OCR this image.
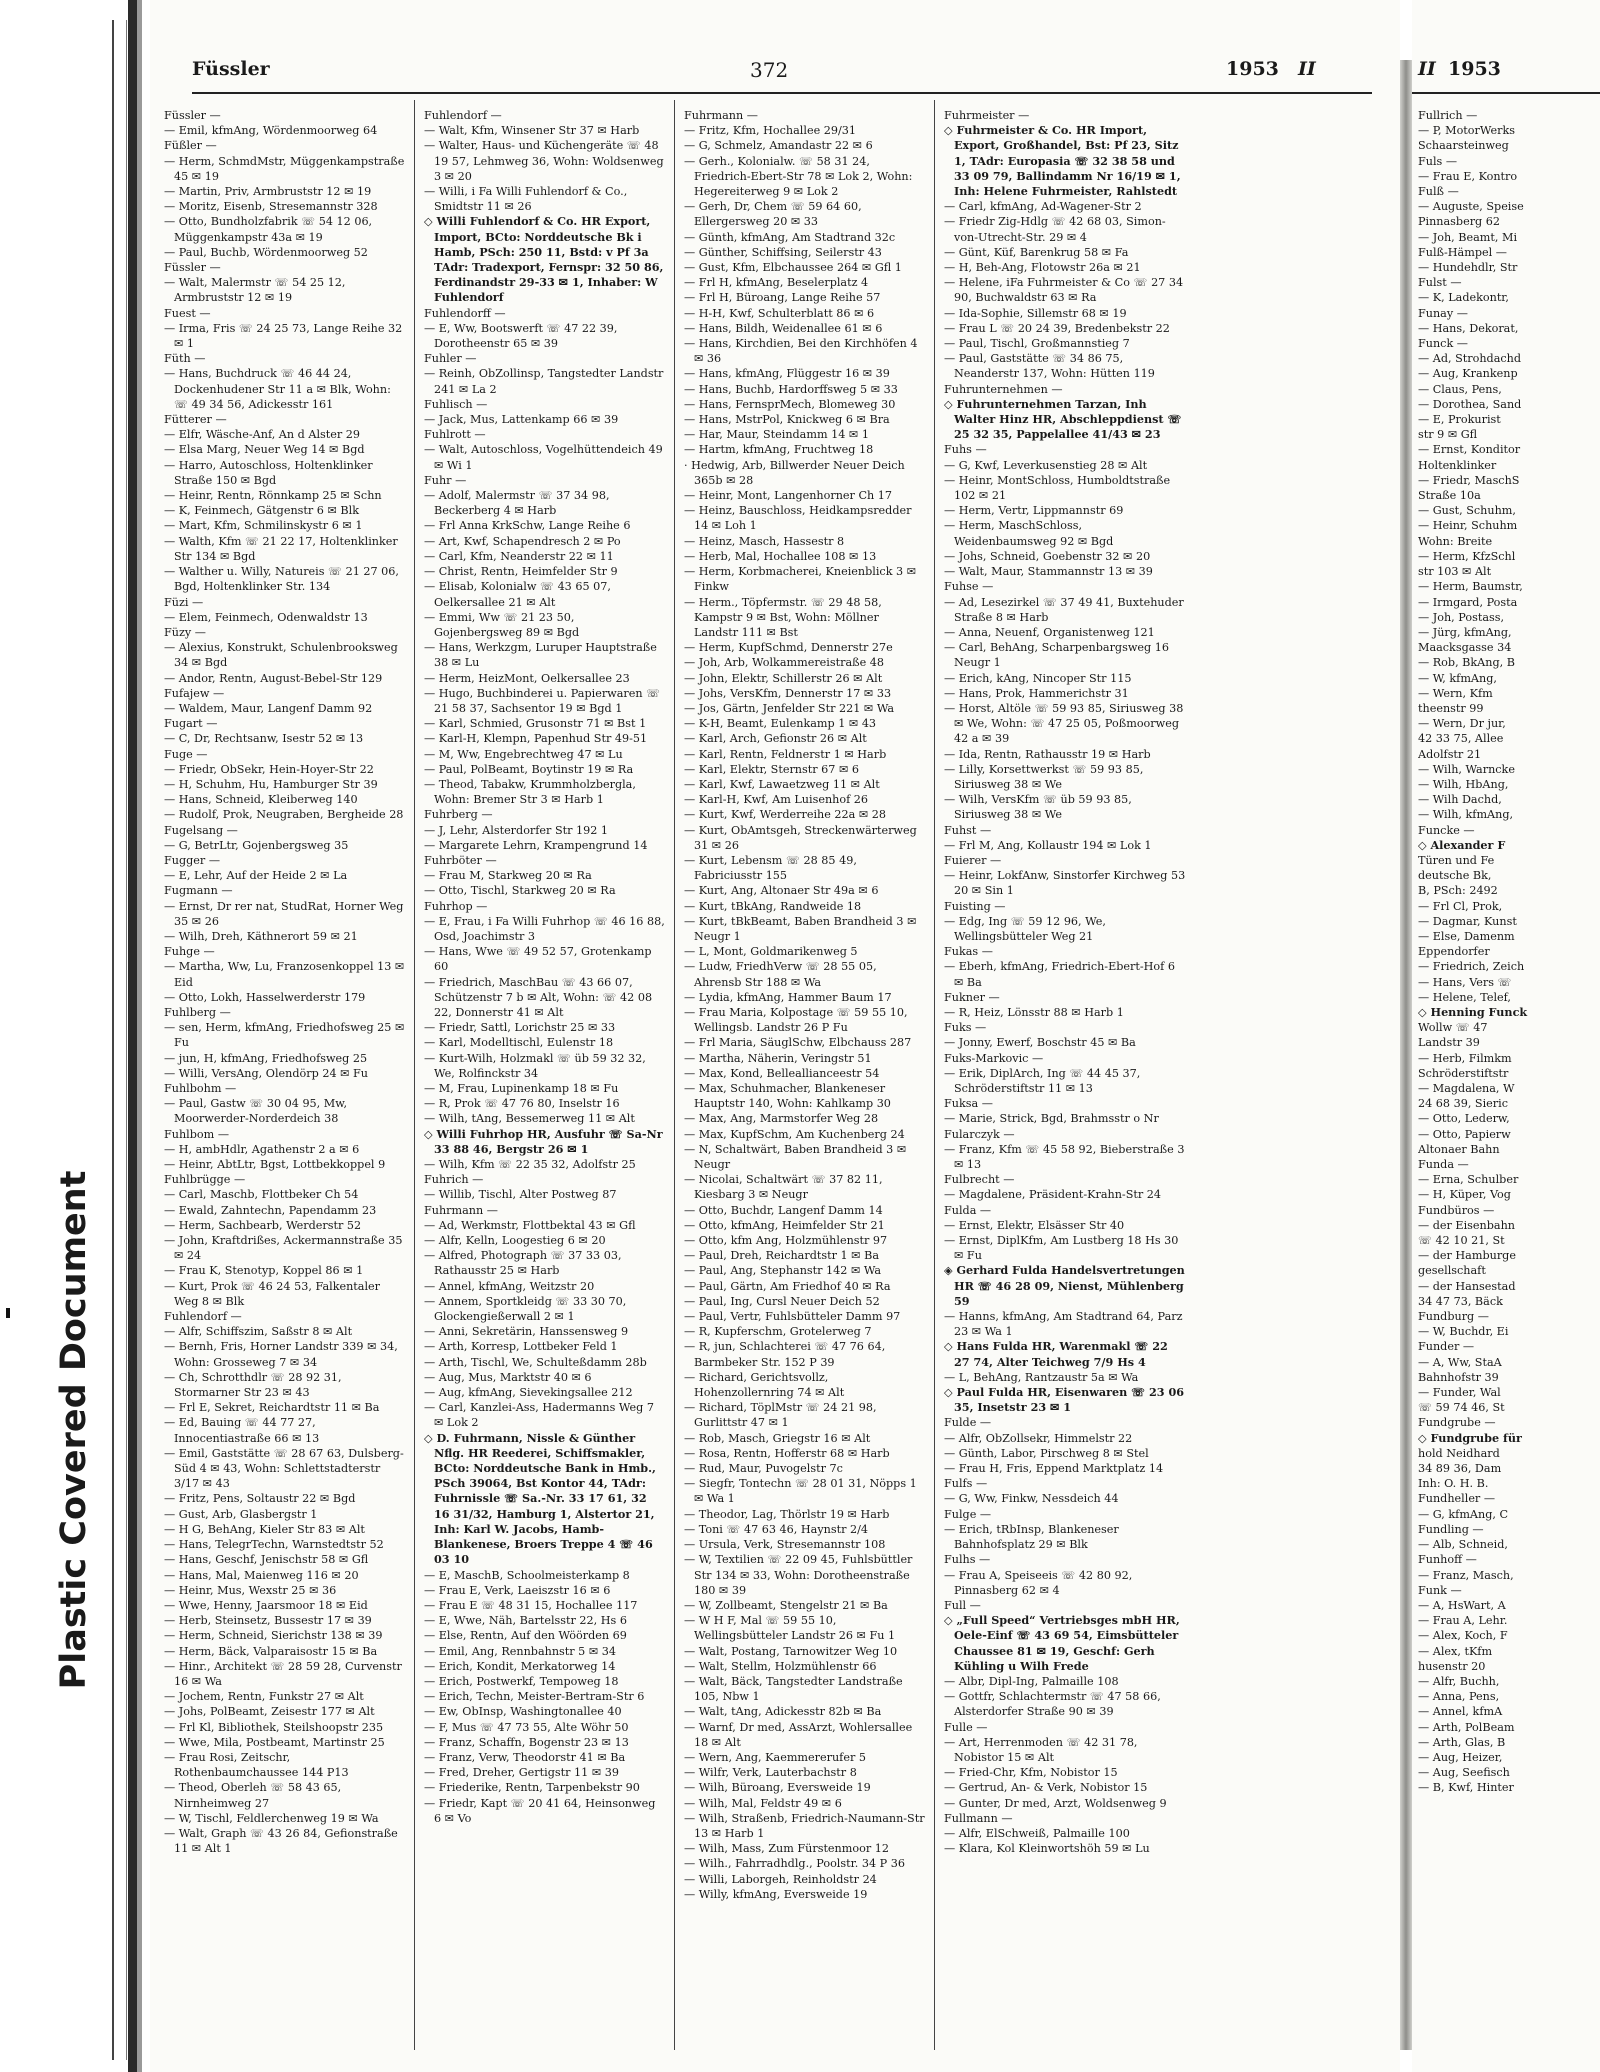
Plastic Covered Document
Füssler	372	1953 II
Füssler —
— Emil, kfmAng, Wördenmoorweg 64
Füßler —
— Herm, SchmdMstr, Müggenkampstraße 45 ✉ 19
— Martin, Priv, Armbruststr 12 ✉ 19
— Moritz, Eisenb, Stresemannstr 328
— Otto, Bundholzfabrik ☏ 54 12 06, Müggenkampstr 43a ✉ 19
— Paul, Buchb, Wördenmoorweg 52
Füssler —
— Walt, Malermstr ☏ 54 25 12, Armbruststr 12 ✉ 19
Fuest —
— Irma, Fris ☏ 24 25 73, Lange Reihe 32 ✉ 1
Füth —
— Hans, Buchdruck ☏ 46 44 24, Dockenhudener Str 11 a ✉ Blk, Wohn: ☏ 49 34 56, Adickesstr 161
Fütterer —
— Elfr, Wäsche-Anf, An d Alster 29
— Elsa Marg, Neuer Weg 14 ✉ Bgd
— Harro, Autoschloss, Holtenklinker Straße 150 ✉ Bgd
— Heinr, Rentn, Rönnkamp 25 ✉ Schn
— K, Feinmech, Gätgenstr 6 ✉ Blk
— Mart, Kfm, Schmilinskystr 6 ✉ 1
— Walth, Kfm ☏ 21 22 17, Holtenklinker Str 134 ✉ Bgd
— Walther u. Willy, Natureis ☏ 21 27 06, Bgd, Holtenklinker Str. 134
Füzi —
— Elem, Feinmech, Odenwaldstr 13
Füzy —
— Alexius, Konstrukt, Schulenbrooksweg 34 ✉ Bgd
— Andor, Rentn, August-Bebel-Str 129
Fufajew —
— Waldem, Maur, Langenf Damm 92
Fugart —
— C, Dr, Rechtsanw, Isestr 52 ✉ 13
Fuge —
— Friedr, ObSekr, Hein-Hoyer-Str 22
— H, Schuhm, Hu, Hamburger Str 39
— Hans, Schneid, Kleiberweg 140
— Rudolf, Prok, Neugraben, Bergheide 28
Fugelsang —
— G, BetrLtr, Gojenbergsweg 35
Fugger —
— E, Lehr, Auf der Heide 2 ✉ La
Fugmann —
— Ernst, Dr rer nat, StudRat, Horner Weg 35 ✉ 26
— Wilh, Dreh, Käthnerort 59 ✉ 21
Fuhge —
— Martha, Ww, Lu, Franzosenkoppel 13 ✉ Eid
— Otto, Lokh, Hasselwerderstr 179
Fuhlberg —
— sen, Herm, kfmAng, Friedhofsweg 25 ✉ Fu
— jun, H, kfmAng, Friedhofsweg 25
— Willi, VersAng, Olendörp 24 ✉ Fu
Fuhlbohm —
— Paul, Gastw ☏ 30 04 95, Mw, Moorwerder-Norderdeich 38
Fuhlbom —
— H, ambHdlr, Agathenstr 2 a ✉ 6
— Heinr, AbtLtr, Bgst, Lottbekkoppel 9
Fuhlbrügge —
— Carl, Maschb, Flottbeker Ch 54
— Ewald, Zahntechn, Papendamm 23
— Herm, Sachbearb, Werderstr 52
— John, Kraftdrißes, Ackermannstraße 35 ✉ 24
— Frau K, Stenotyp, Koppel 86 ✉ 1
— Kurt, Prok ☏ 46 24 53, Falkentaler Weg 8 ✉ Blk
Fuhlendorf —
— Alfr, Schiffszim, Saßstr 8 ✉ Alt
— Bernh, Fris, Horner Landstr 339 ✉ 34, Wohn: Grosseweg 7 ✉ 34
— Ch, Schrotthdlr ☏ 28 92 31, Stormarner Str 23 ✉ 43
— Frl E, Sekret, Reichardtstr 11 ✉ Ba
— Ed, Bauing ☏ 44 77 27, Innocentiastraße 66 ✉ 13
— Emil, Gaststätte ☏ 28 67 63, Dulsberg-Süd 4 ✉ 43, Wohn: Schlettstadterstr 3/17 ✉ 43
— Fritz, Pens, Soltaustr 22 ✉ Bgd
— Gust, Arb, Glasbergstr 1
— H G, BehAng, Kieler Str 83 ✉ Alt
— Hans, TelegrTechn, Warnstedtstr 52
— Hans, Geschf, Jenischstr 58 ✉ Gfl
— Hans, Mal, Maienweg 116 ✉ 20
— Heinr, Mus, Wexstr 25 ✉ 36
— Wwe, Henny, Jaarsmoor 18 ✉ Eid
— Herb, Steinsetz, Bussestr 17 ✉ 39
— Herm, Schneid, Sierichstr 138 ✉ 39
— Herm, Bäck, Valparaisostr 15 ✉ Ba
— Hinr., Architekt ☏ 28 59 28, Curvenstr 16 ✉ Wa
— Jochem, Rentn, Funkstr 27 ✉ Alt
— Johs, PolBeamt, Zeisestr 177 ✉ Alt
— Frl Kl, Bibliothek, Steilshoopstr 235
— Wwe, Mila, Postbeamt, Martinstr 25
— Frau Rosi, Zeitschr, Rothenbaumchaussee 144 P13
— Theod, Oberleh ☏ 58 43 65, Nirnheimweg 27
— W, Tischl, Feldlerchenweg 19 ✉ Wa
— Walt, Graph ☏ 43 26 84, Gefionstraße 11 ✉ Alt 1
Fuhlendorf —
— Walt, Kfm, Winsener Str 37 ✉ Harb
— Walter, Haus- und Küchengeräte ☏ 48 19 57, Lehmweg 36, Wohn: Woldsenweg 3 ✉ 20
— Willi, i Fa Willi Fuhlendorf & Co., Smidtstr 11 ✉ 26
◇ Willi Fuhlendorf & Co. HR Export, Import, BCto: Norddeutsche Bk i Hamb, PSch: 250 11, Bstd: v Pf 3a TAdr: Tradexport, Fernspr: 32 50 86, Ferdinandstr 29-33 ✉ 1, Inhaber: W Fuhlendorf
Fuhlendorff —
— E, Ww, Bootswerft ☏ 47 22 39, Dorotheenstr 65 ✉ 39
Fuhler —
— Reinh, ObZollinsp, Tangstedter Landstr 241 ✉ La 2
Fuhlisch —
— Jack, Mus, Lattenkamp 66 ✉ 39
Fuhlrott —
— Walt, Autoschloss, Vogelhüttendeich 49 ✉ Wi 1
Fuhr —
— Adolf, Malermstr ☏ 37 34 98, Beckerberg 4 ✉ Harb
— Frl Anna KrkSchw, Lange Reihe 6
— Art, Kwf, Schapendresch 2 ✉ Po
— Carl, Kfm, Neanderstr 22 ✉ 11
— Christ, Rentn, Heimfelder Str 9
— Elisab, Kolonialw ☏ 43 65 07, Oelkersallee 21 ✉ Alt
— Emmi, Ww ☏ 21 23 50, Gojenbergsweg 89 ✉ Bgd
— Hans, Werkzgm, Luruper Hauptstraße 38 ✉ Lu
— Herm, HeizMont, Oelkersallee 23
— Hugo, Buchbinderei u. Papierwaren ☏ 21 58 37, Sachsentor 19 ✉ Bgd 1
— Karl, Schmied, Grusonstr 71 ✉ Bst 1
— Karl-H, Klempn, Papenhud Str 49-51
— M, Ww, Engebrechtweg 47 ✉ Lu
— Paul, PolBeamt, Boytinstr 19 ✉ Ra
— Theod, Tabakw, Krummholzbergla, Wohn: Bremer Str 3 ✉ Harb 1
Fuhrberg —
— J, Lehr, Alsterdorfer Str 192 1
— Margarete Lehrn, Krampengrund 14
Fuhrböter —
— Frau M, Starkweg 20 ✉ Ra
— Otto, Tischl, Starkweg 20 ✉ Ra
Fuhrhop —
— E, Frau, i Fa Willi Fuhrhop ☏ 46 16 88, Osd, Joachimstr 3
— Hans, Wwe ☏ 49 52 57, Grotenkamp 60
— Friedrich, MaschBau ☏ 43 66 07, Schützenstr 7 b ✉ Alt, Wohn: ☏ 42 08 22, Donnerstr 41 ✉ Alt
— Friedr, Sattl, Lorichstr 25 ✉ 33
— Karl, Modelltischl, Eulenstr 18
— Kurt-Wilh, Holzmakl ☏ üb 59 32 32, We, Rolfinckstr 34
— M, Frau, Lupinenkamp 18 ✉ Fu
— R, Prok ☏ 47 76 80, Inselstr 16
— Wilh, tAng, Bessemerweg 11 ✉ Alt
◇ Willi Fuhrhop HR, Ausfuhr ☏ Sa-Nr 33 88 46, Bergstr 26 ✉ 1
— Wilh, Kfm ☏ 22 35 32, Adolfstr 25
Fuhrich —
— Willib, Tischl, Alter Postweg 87
Fuhrmann —
— Ad, Werkmstr, Flottbektal 43 ✉ Gfl
— Alfr, Kelln, Loogestieg 6 ✉ 20
— Alfred, Photograph ☏ 37 33 03, Rathausstr 25 ✉ Harb
— Annel, kfmAng, Weitzstr 20
— Annem, Sportkleidg ☏ 33 30 70, Glockengießerwall 2 ✉ 1
— Anni, Sekretärin, Hanssensweg 9
— Arth, Korresp, Lottbeker Feld 1
— Arth, Tischl, We, Schulteßdamm 28b
— Aug, Mus, Marktstr 40 ✉ 6
— Aug, kfmAng, Sievekingsallee 212
— Carl, Kanzlei-Ass, Hadermanns Weg 7 ✉ Lok 2
◇ D. Fuhrmann, Nissle & Günther Nflg. HR Reederei, Schiffsmakler, BCto: Norddeutsche Bank in Hmb., PSch 39064, Bst Kontor 44, TAdr: Fuhrnissle ☏ Sa.-Nr. 33 17 61, 32 16 31/32, Hamburg 1, Alstertor 21, Inh: Karl W. Jacobs, Hamb-Blankenese, Broers Treppe 4 ☏ 46 03 10
— E, MaschB, Schoolmeisterkamp 8
— Frau E, Verk, Laeiszstr 16 ✉ 6
— Frau E ☏ 48 31 15, Hochallee 117
— E, Wwe, Näh, Bartelsstr 22, Hs 6
— Else, Rentn, Auf den Wöörden 69
— Emil, Ang, Rennbahnstr 5 ✉ 34
— Erich, Kondit, Merkatorweg 14
— Erich, Postwerkf, Tempoweg 18
— Erich, Techn, Meister-Bertram-Str 6
— Ew, ObInsp, Washingtonallee 40
— F, Mus ☏ 47 73 55, Alte Wöhr 50
— Franz, Schaffn, Bogenstr 23 ✉ 13
— Franz, Verw, Theodorstr 41 ✉ Ba
— Fred, Dreher, Gertigstr 11 ✉ 39
— Friederike, Rentn, Tarpenbekstr 90
— Friedr, Kapt ☏ 20 41 64, Heinsonweg 6 ✉ Vo
Fuhrmann —
— Fritz, Kfm, Hochallee 29/31
— G, Schmelz, Amandastr 22 ✉ 6
— Gerh., Kolonialw. ☏ 58 31 24, Friedrich-Ebert-Str 78 ✉ Lok 2, Wohn: Hegereiterweg 9 ✉ Lok 2
— Gerh, Dr, Chem ☏ 59 64 60, Ellergersweg 20 ✉ 33
— Günth, kfmAng, Am Stadtrand 32c
— Günther, Schiffsing, Seilerstr 43
— Gust, Kfm, Elbchaussee 264 ✉ Gfl 1
— Frl H, kfmAng, Beselerplatz 4
— Frl H, Büroang, Lange Reihe 57
— H-H, Kwf, Schulterblatt 86 ✉ 6
— Hans, Bildh, Weidenallee 61 ✉ 6
— Hans, Kirchdien, Bei den Kirchhöfen 4 ✉ 36
— Hans, kfmAng, Flüggestr 16 ✉ 39
— Hans, Buchb, Hardorffsweg 5 ✉ 33
— Hans, FernsprMech, Blomeweg 30
— Hans, MstrPol, Knickweg 6 ✉ Bra
— Har, Maur, Steindamm 14 ✉ 1
— Hartm, kfmAng, Fruchtweg 18
· Hedwig, Arb, Billwerder Neuer Deich 365b ✉ 28
— Heinr, Mont, Langenhorner Ch 17
— Heinz, Bauschloss, Heidkampsredder 14 ✉ Loh 1
— Heinz, Masch, Hassestr 8
— Herb, Mal, Hochallee 108 ✉ 13
— Herm, Korbmacherei, Kneienblick 3 ✉ Finkw
— Herm., Töpfermstr. ☏ 29 48 58, Kampstr 9 ✉ Bst, Wohn: Möllner Landstr 111 ✉ Bst
— Herm, KupfSchmd, Dennerstr 27e
— Joh, Arb, Wolkammereistraße 48
— John, Elektr, Schillerstr 26 ✉ Alt
— Johs, VersKfm, Dennerstr 17 ✉ 33
— Jos, Gärtn, Jenfelder Str 221 ✉ Wa
— K-H, Beamt, Eulenkamp 1 ✉ 43
— Karl, Arch, Gefionstr 26 ✉ Alt
— Karl, Rentn, Feldnerstr 1 ✉ Harb
— Karl, Elektr, Sternstr 67 ✉ 6
— Karl, Kwf, Lawaetzweg 11 ✉ Alt
— Karl-H, Kwf, Am Luisenhof 26
— Kurt, Kwf, Werderreihe 22a ✉ 28
— Kurt, ObAmtsgeh, Streckenwärterweg 31 ✉ 26
— Kurt, Lebensm ☏ 28 85 49, Fabriciusstr 155
— Kurt, Ang, Altonaer Str 49a ✉ 6
— Kurt, tBkAng, Randweide 18
— Kurt, tBkBeamt, Baben Brandheid 3 ✉ Neugr 1
— L, Mont, Goldmarikenweg 5
— Ludw, FriedhVerw ☏ 28 55 05, Ahrensb Str 188 ✉ Wa
— Lydia, kfmAng, Hammer Baum 17
— Frau Maria, Kolpostage ☏ 59 55 10, Wellingsb. Landstr 26 P Fu
— Frl Maria, SäuglSchw, Elbchauss 287
— Martha, Näherin, Veringstr 51
— Max, Kond, Belleallianceestr 54
— Max, Schuhmacher, Blankeneser Hauptstr 140, Wohn: Kahlkamp 30
— Max, Ang, Marmstorfer Weg 28
— Max, KupfSchm, Am Kuchenberg 24
— N, Schaltwärt, Baben Brandheid 3 ✉ Neugr
— Nicolai, Schaltwärt ☏ 37 82 11, Kiesbarg 3 ✉ Neugr
— Otto, Buchdr, Langenf Damm 14
— Otto, kfmAng, Heimfelder Str 21
— Otto, kfm Ang, Holzmühlenstr 97
— Paul, Dreh, Reichardtstr 1 ✉ Ba
— Paul, Ang, Stephanstr 142 ✉ Wa
— Paul, Gärtn, Am Friedhof 40 ✉ Ra
— Paul, Ing, Cursl Neuer Deich 52
— Paul, Vertr, Fuhlsbütteler Damm 97
— R, Kupferschm, Grotelerweg 7
— R, jun, Schlachterei ☏ 47 76 64, Barmbeker Str. 152 P 39
— Richard, Gerichtsvollz, Hohenzollernring 74 ✉ Alt
— Richard, TöplMstr ☏ 24 21 98, Gurlittstr 47 ✉ 1
— Rob, Masch, Griegstr 16 ✉ Alt
— Rosa, Rentn, Hofferstr 68 ✉ Harb
— Rud, Maur, Puvogelstr 7c
— Siegfr, Tontechn ☏ 28 01 31, Nöpps 1 ✉ Wa 1
— Theodor, Lag, Thörlstr 19 ✉ Harb
— Toni ☏ 47 63 46, Haynstr 2/4
— Ursula, Verk, Stresemannstr 108
— W, Textilien ☏ 22 09 45, Fuhlsbüttler Str 134 ✉ 33, Wohn: Dorotheenstraße 180 ✉ 39
— W, Zollbeamt, Stengelstr 21 ✉ Ba
— W H F, Mal ☏ 59 55 10, Wellingsbütteler Landstr 26 ✉ Fu 1
— Walt, Postang, Tarnowitzer Weg 10
— Walt, Stellm, Holzmühlenstr 66
— Walt, Bäck, Tangstedter Landstraße 105, Nbw 1
— Walt, tAng, Adickesstr 82b ✉ Ba
— Warnf, Dr med, AssArzt, Wohlersallee 18 ✉ Alt
— Wern, Ang, Kaemmererufer 5
— Wilfr, Verk, Lauterbachstr 8
— Wilh, Büroang, Eversweide 19
— Wilh, Mal, Feldstr 49 ✉ 6
— Wilh, Straßenb, Friedrich-Naumann-Str 13 ✉ Harb 1
— Wilh, Mass, Zum Fürstenmoor 12
— Wilh., Fahrradhdlg., Poolstr. 34 P 36
— Willi, Laborgeh, Reinholdstr 24
— Willy, kfmAng, Eversweide 19
Fuhrmeister —
◇ Fuhrmeister & Co. HR Import, Export, Großhandel, Bst: Pf 23, Sitz 1, TAdr: Europasia ☏ 32 38 58 und 33 09 79, Ballindamm Nr 16/19 ✉ 1, Inh: Helene Fuhrmeister, Rahlstedt
— Carl, kfmAng, Ad-Wagener-Str 2
— Friedr Zig-Hdlg ☏ 42 68 03, Simon-von-Utrecht-Str. 29 ✉ 4
— Günt, Küf, Barenkrug 58 ✉ Fa
— H, Beh-Ang, Flotowstr 26a ✉ 21
— Helene, iFa Fuhrmeister & Co ☏ 27 34 90, Buchwaldstr 63 ✉ Ra
— Ida-Sophie, Sillemstr 68 ✉ 19
— Frau L ☏ 20 24 39, Bredenbekstr 22
— Paul, Tischl, Großmannstieg 7
— Paul, Gaststätte ☏ 34 86 75, Neanderstr 137, Wohn: Hütten 119
Fuhrunternehmen —
◇ Fuhrunternehmen Tarzan, Inh Walter Hinz HR, Abschleppdienst ☏ 25 32 35, Pappelallee 41/43 ✉ 23
Fuhs —
— G, Kwf, Leverkusenstieg 28 ✉ Alt
— Heinr, MontSchloss, Humboldtstraße 102 ✉ 21
— Herm, Vertr, Lippmannstr 69
— Herm, MaschSchloss, Weidenbaumsweg 92 ✉ Bgd
— Johs, Schneid, Goebenstr 32 ✉ 20
— Walt, Maur, Stammannstr 13 ✉ 39
Fuhse —
— Ad, Lesezirkel ☏ 37 49 41, Buxtehuder Straße 8 ✉ Harb
— Anna, Neuenf, Organistenweg 121
— Carl, BehAng, Scharpenbargsweg 16 Neugr 1
— Erich, kAng, Nincoper Str 115
— Hans, Prok, Hammerichstr 31
— Horst, Altöle ☏ 59 93 85, Siriusweg 38 ✉ We, Wohn: ☏ 47 25 05, Poßmoorweg 42 a ✉ 39
— Ida, Rentn, Rathausstr 19 ✉ Harb
— Lilly, Korsettwerkst ☏ 59 93 85, Siriusweg 38 ✉ We
— Wilh, VersKfm ☏ üb 59 93 85, Siriusweg 38 ✉ We
Fuhst —
— Frl M, Ang, Kollaustr 194 ✉ Lok 1
Fuierer —
— Heinr, LokfAnw, Sinstorfer Kirchweg 53 20 ✉ Sin 1
Fuisting —
— Edg, Ing ☏ 59 12 96, We, Wellingsbütteler Weg 21
Fukas —
— Eberh, kfmAng, Friedrich-Ebert-Hof 6 ✉ Ba
Fukner —
— R, Heiz, Lönsstr 88 ✉ Harb 1
Fuks —
— Jonny, Ewerf, Boschstr 45 ✉ Ba
Fuks-Markovic —
— Erik, DiplArch, Ing ☏ 44 45 37, Schröderstiftstr 11 ✉ 13
Fuksa —
— Marie, Strick, Bgd, Brahmsstr o Nr
Fularczyk —
— Franz, Kfm ☏ 45 58 92, Bieberstraße 3 ✉ 13
Fulbrecht —
— Magdalene, Präsident-Krahn-Str 24
Fulda —
— Ernst, Elektr, Elsässer Str 40
— Ernst, DiplKfm, Am Lustberg 18 Hs 30 ✉ Fu
◈ Gerhard Fulda Handelsvertretungen HR ☏ 46 28 09, Nienst, Mühlenberg 59
— Hanns, kfmAng, Am Stadtrand 64, Parz 23 ✉ Wa 1
◇ Hans Fulda HR, Warenmakl ☏ 22 27 74, Alter Teichweg 7/9 Hs 4
— L, BehAng, Rantzaustr 5a ✉ Wa
◇ Paul Fulda HR, Eisenwaren ☏ 23 06 35, Insetstr 23 ✉ 1
Fulde —
— Alfr, ObZollsekr, Himmelstr 22
— Günth, Labor, Pirschweg 8 ✉ Stel
— Frau H, Fris, Eppend Marktplatz 14
Fulfs —
— G, Ww, Finkw, Nessdeich 44
Fulge —
— Erich, tRbInsp, Blankeneser Bahnhofsplatz 29 ✉ Blk
Fulhs —
— Frau A, Speiseeis ☏ 42 80 92, Pinnasberg 62 ✉ 4
Full —
◇ „Full Speed“ Vertriebsges mbH HR, Oele-Einf ☏ 43 69 54, Eimsbütteler Chaussee 81 ✉ 19, Geschf: Gerh Kühling u Wilh Frede
— Albr, Dipl-Ing, Palmaille 108
— Gottfr, Schlachtermstr ☏ 47 58 66, Alsterdorfer Straße 90 ✉ 39
Fulle —
— Art, Herrenmoden ☏ 42 31 78, Nobistor 15 ✉ Alt
— Fried-Chr, Kfm, Nobistor 15
— Gertrud, An- & Verk, Nobistor 15
— Gunter, Dr med, Arzt, Woldsenweg 9
Fullmann —
— Alfr, ElSchweiß, Palmaille 100
— Klara, Kol Kleinwortshöh 59 ✉ Lu
II 1953
Fullrich —
— P, MotorWerks
Schaarsteinweg
Fuls —
— Frau E, Kontro
Fulß —
— Auguste, Speise
Pinnasberg 62
— Joh, Beamt, Mi
Fulß-Hämpel —
— Hundehdlr, Str
Fulst —
— K, Ladekontr,
Funay —
— Hans, Dekorat,
Funck —
— Ad, Strohdachd
— Aug, Krankenp
— Claus, Pens,
— Dorothea, Sand
— E, Prokurist
str 9 ✉ Gfl
— Ernst, Konditor
Holtenklinker
— Friedr, MaschS
Straße 10a
— Gust, Schuhm,
— Heinr, Schuhm
Wohn: Breite
— Herm, KfzSchl
str 103 ✉ Alt
— Herm, Baumstr,
— Irmgard, Posta
— Joh, Postass,
— Jürg, kfmAng,
Maacksgasse 34
— Rob, BkAng, B
— W, kfmAng,
— Wern, Kfm
theenstr 99
— Wern, Dr jur,
42 33 75, Allee
Adolfstr 21
— Wilh, Warncke
— Wilh, HbAng,
— Wilh Dachd,
— Wilh, kfmAng,
Funcke —
◇ Alexander F
Türen und Fe
deutsche Bk,
B, PSch: 2492
— Frl Cl, Prok,
— Dagmar, Kunst
— Else, Damenm
Eppendorfer
— Friedrich, Zeich
— Hans, Vers ☏
— Helene, Telef,
◇ Henning Funck
Wollw ☏ 47
Landstr 39
— Herb, Filmkm
Schröderstiftstr
— Magdalena, W
24 68 39, Sieric
— Otto, Lederw,
— Otto, Papierw
Altonaer Bahn
Funda —
— Erna, Schulber
— H, Küper, Vog
Fundbüros —
— der Eisenbahn
☏ 42 10 21, St
— der Hamburge
gesellschaft
— der Hansestad
34 47 73, Bäck
Fundburg —
— W, Buchdr, Ei
Funder —
— A, Ww, StaA
Bahnhofstr 39
— Funder, Wal
☏ 59 74 46, St
Fundgrube —
◇ Fundgrube für
hold Neidhard
34 89 36, Dam
Inh: O. H. B.
Fundheller —
— G, kfmAng, C
Fundling —
— Alb, Schneid,
Funhoff —
— Franz, Masch,
Funk —
— A, HsWart, A
— Frau A, Lehr.
— Alex, Koch, F
— Alex, tKfm
husenstr 20
— Alfr, Buchh,
— Anna, Pens,
— Annel, kfmA
— Arth, PolBeam
— Arth, Glas, B
— Aug, Heizer,
— Aug, Seefisch
— B, Kwf, Hinter
